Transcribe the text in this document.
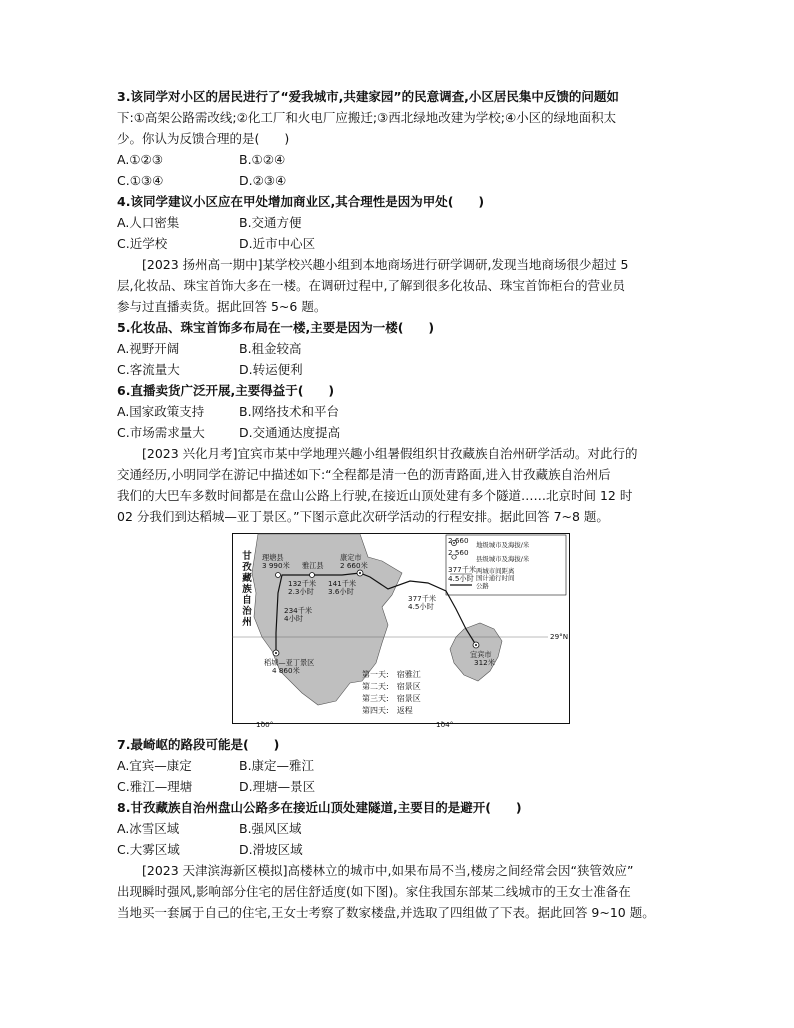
3.该同学对小区的居民进行了“爱我城市,共建家园”的民意调查,小区居民集中反馈的问题如
下:①高架公路需改线;②化工厂和火电厂应搬迁;③西北绿地改建为学校;④小区的绿地面积太
少。你认为反馈合理的是(　　)
A.①②③	B.①②④
C.①③④	D.②③④
4.该同学建议小区应在甲处增加商业区,其合理性是因为甲处(　　)
A.人口密集	B.交通方便
C.近学校	D.近市中心区
[2023 扬州高一期中]某学校兴趣小组到本地商场进行研学调研,发现当地商场很少超过 5
层,化妆品、珠宝首饰大多在一楼。在调研过程中,了解到很多化妆品、珠宝首饰柜台的营业员
参与过直播卖货。据此回答 5~6 题。
5.化妆品、珠宝首饰多布局在一楼,主要是因为一楼(　　)
A.视野开阔	B.租金较高
C.客流量大	D.转运便利
6.直播卖货广泛开展,主要得益于(　　)
A.国家政策支持	B.网络技术和平台
C.市场需求量大	D.交通通达度提高
[2023 兴化月考]宜宾市某中学地理兴趣小组暑假组织甘孜藏族自治州研学活动。对此行的
交通经历,小明同学在游记中描述如下:“全程都是清一色的沥青路面,进入甘孜藏族自治州后
我们的大巴车多数时间都是在盘山公路上行驶,在接近山顶处建有多个隧道……北京时间 12 时
02 分我们到达稻城—亚丁景区。”下图示意此次研学活动的行程安排。据此回答 7~8 题。
甘
孜
藏
族
自
治
州
理塘县
3 990米 雅江县
康定市
2 660米
132千米
2.3小时
141千米
3.6小时
377千米
4.5小时
234千米
4小时
稻城—亚丁景区
4 860米
宜宾市
312米
29°N
100°	104°
2 660 地级城市及海拔/米
2 560
县级城市及海拔/米
377千米
4.5小时
两城市间距离
国计通行时间
公路
第一天:　宿雅江
第二天:　宿景区
第三天:　宿景区
第四天:　返程
7.最崎岖的路段可能是(　　)
A.宜宾—康定	B.康定—雅江
C.雅江—理塘	D.理塘—景区
8.甘孜藏族自治州盘山公路多在接近山顶处建隧道,主要目的是避开(　　)
A.冰雪区域	B.强风区域
C.大雾区域	D.滑坡区域
[2023 天津滨海新区模拟]高楼林立的城市中,如果布局不当,楼房之间经常会因“狭管效应”
出现瞬时强风,影响部分住宅的居住舒适度(如下图)。家住我国东部某二线城市的王女士准备在
当地买一套属于自己的住宅,王女士考察了数家楼盘,并选取了四组做了下表。据此回答 9~10 题。
